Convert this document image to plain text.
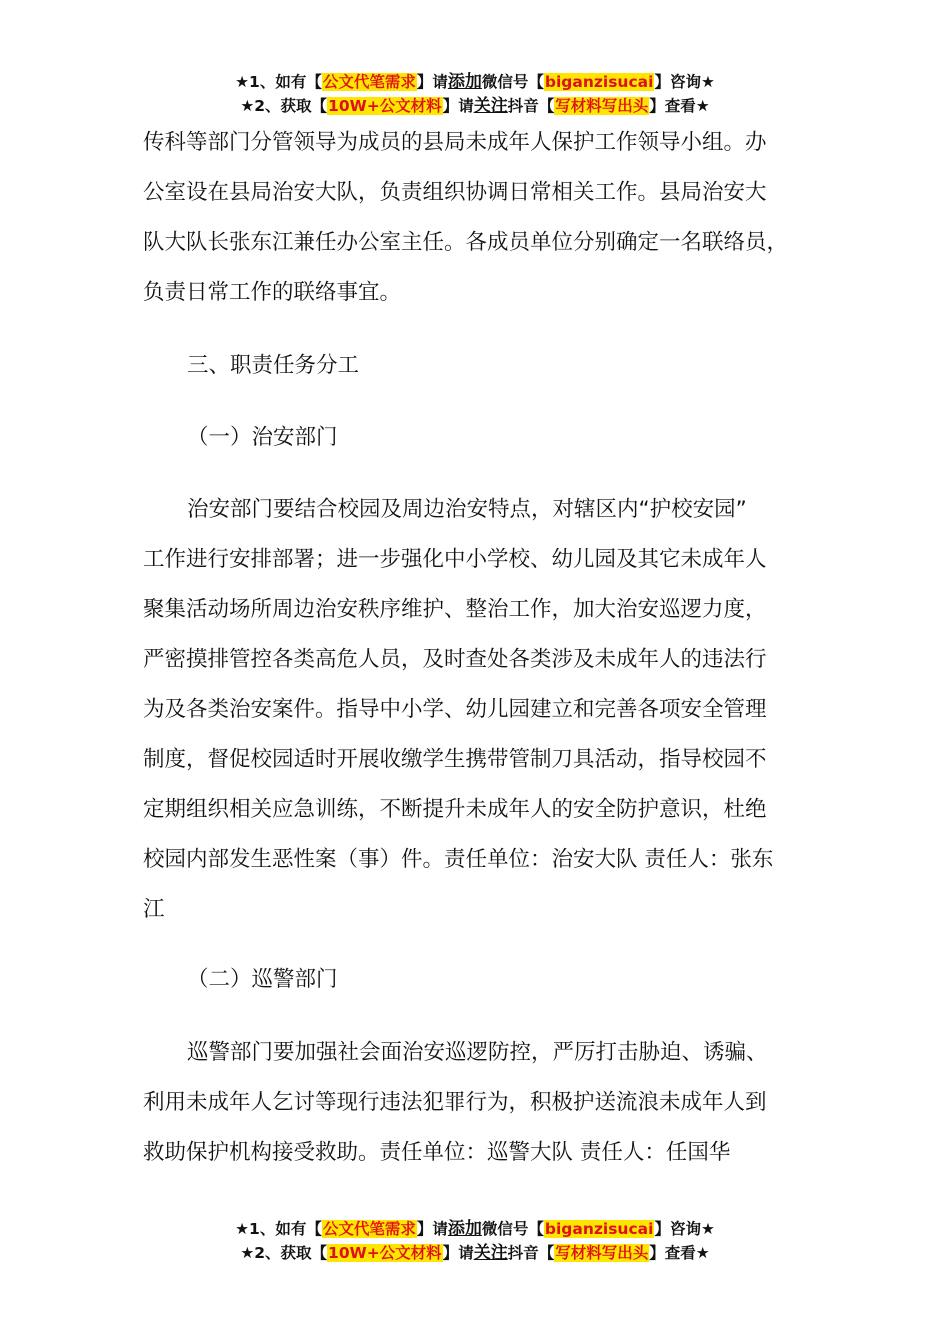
★1、如有【公文代笔需求】请添加微信号【biganzisucai】咨询★
★2、获取【10W+公文材料】请关注抖音【写材料写出头】查看★
传科等部门分管领导为成员的县局未成年人保护工作领导小组。办
公室设在县局治安大队，负责组织协调日常相关工作。县局治安大
队大队长张东江兼任办公室主任。各成员单位分别确定一名联络员，
负责日常工作的联络事宜。
三、职责任务分工
（一）治安部门
治安部门要结合校园及周边治安特点，对辖区内“护校安园”
工作进行安排部署；进一步强化中小学校、幼儿园及其它未成年人
聚集活动场所周边治安秩序维护、整治工作，加大治安巡逻力度，
严密摸排管控各类高危人员，及时查处各类涉及未成年人的违法行
为及各类治安案件。指导中小学、幼儿园建立和完善各项安全管理
制度，督促校园适时开展收缴学生携带管制刀具活动，指导校园不
定期组织相关应急训练，不断提升未成年人的安全防护意识，杜绝
校园内部发生恶性案（事）件。责任单位：治安大队 责任人：张东
江
（二）巡警部门
巡警部门要加强社会面治安巡逻防控，严厉打击胁迫、诱骗、
利用未成年人乞讨等现行违法犯罪行为，积极护送流浪未成年人到
救助保护机构接受救助。责任单位：巡警大队 责任人：任国华
★1、如有【公文代笔需求】请添加微信号【biganzisucai】咨询★
★2、获取【10W+公文材料】请关注抖音【写材料写出头】查看★
